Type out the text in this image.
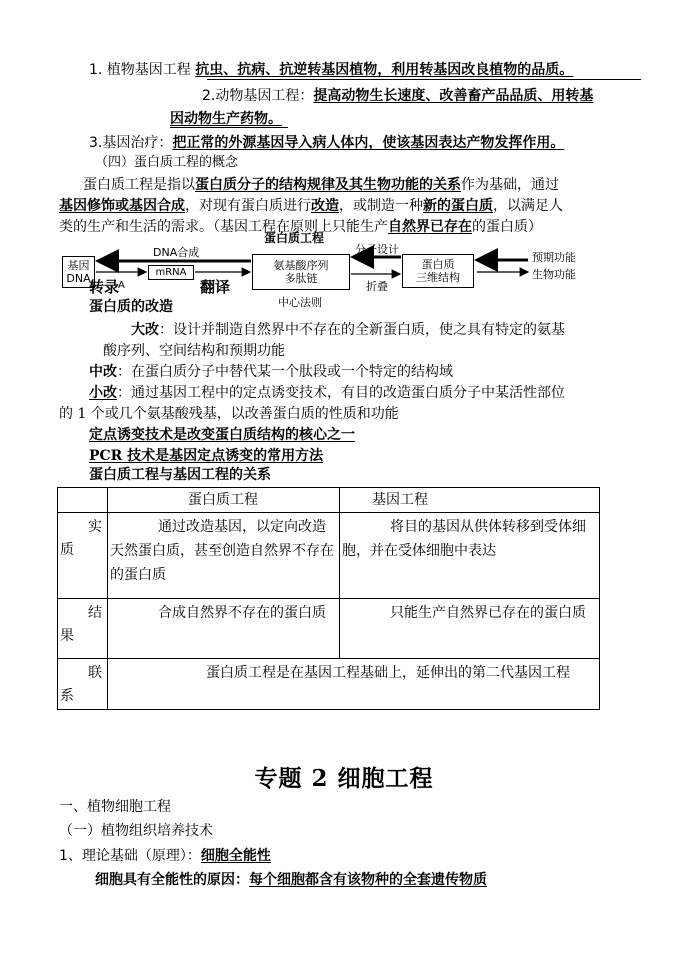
1. 植物基因工程 抗虫、抗病、抗逆转基因植物，利用转基因改良植物的品质。
2.动物基因工程：提高动物生长速度、改善畜产品品质、用转基
因动物生产药物。
3.基因治疗：把正常的外源基因导入病人体内，使该基因表达产物发挥作用。
（四）蛋白质工程的概念
蛋白质工程是指以蛋白质分子的结构规律及其生物功能的关系作为基础，通过
基因修饰或基因合成，对现有蛋白质进行改造，或制造一种新的蛋白质，以满足人
类的生产和生活的需求。（基因工程在原则上只能生产自然界已存在的蛋白质）
蛋白质工程
基因
DNA
DNA合成
A
mRNA
氨基酸序列
多肽链
中心法则
分子设计
折叠
蛋白质
三维结构
预期功能
生物功能
转录	翻译
蛋白质的改造
大改：设计并制造自然界中不存在的全新蛋白质，使之具有特定的氨基
酸序列、空间结构和预期功能
中改：在蛋白质分子中替代某一个肽段或一个特定的结构域
小改：通过基因工程中的定点诱变技术，有目的改造蛋白质分子中某活性部位
的 1 个或几个氨基酸残基，以改善蛋白质的性质和功能
定点诱变技术是改变蛋白质结构的核心之一
PCR 技术是基因定点诱变的常用方法
蛋白质工程与基因工程的关系
	蛋白质工程	基因工程

实
质	通过改造基因，以定向改造天然蛋白质，甚至创造自然界不存在的蛋白质	将目的基因从供体转移到受体细胞，并在受体细胞中表达

结
果	合成自然界不存在的蛋白质	只能生产自然界已存在的蛋白质

联
系	蛋白质工程是在基因工程基础上，延伸出的第二代基因工程	
专题 2 细胞工程
一、植物细胞工程
（一）植物组织培养技术
1、理论基础（原理）：细胞全能性
细胞具有全能性的原因：每个细胞都含有该物种的全套遗传物质
